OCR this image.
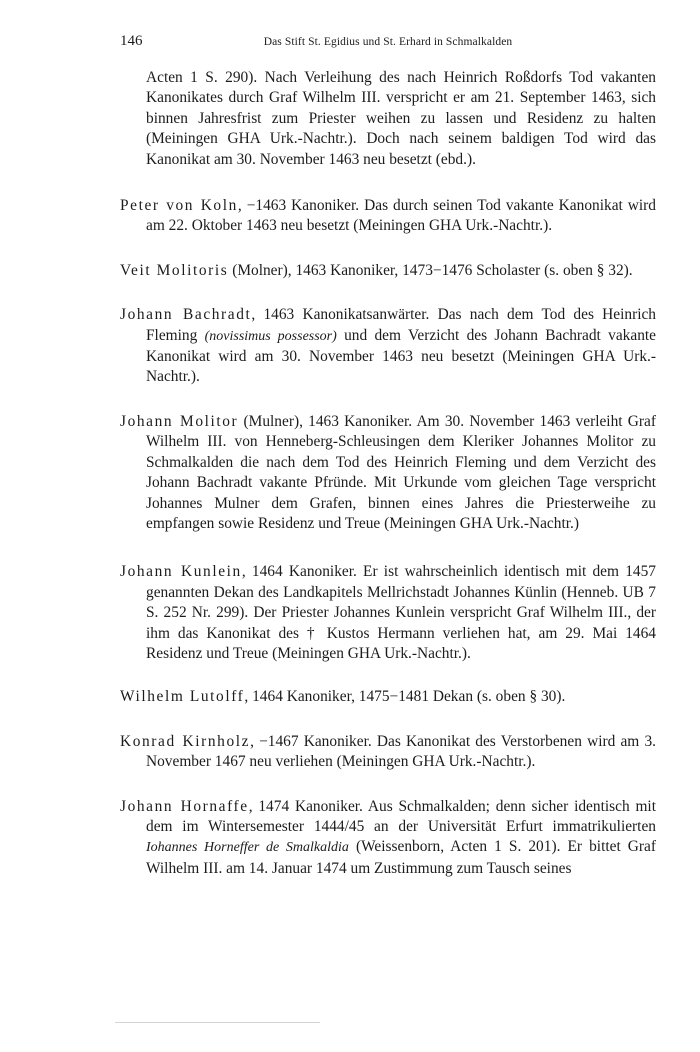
146	Das Stift St. Egidius und St. Erhard in Schmalkalden

Acten 1 S. 290). Nach Verleihung des nach Heinrich Roßdorfs Tod vakanten Kanonikates durch Graf Wilhelm III. verspricht er am 21. September 1463, sich binnen Jahresfrist zum Priester weihen zu lassen und Residenz zu halten (Meiningen GHA Urk.-Nachtr.). Doch nach seinem baldigen Tod wird das Kanonikat am 30. November 1463 neu besetzt (ebd.).

Peter von Koln, −1463 Kanoniker. Das durch seinen Tod vakante Kanonikat wird am 22. Oktober 1463 neu besetzt (Meiningen GHA Urk.-Nachtr.).

Veit Molitoris (Molner), 1463 Kanoniker, 1473−1476 Scholaster (s. oben § 32).

Johann Bachradt, 1463 Kanonikatsanwärter. Das nach dem Tod des Heinrich Fleming (novissimus possessor) und dem Verzicht des Johann Bachradt vakante Kanonikat wird am 30. November 1463 neu besetzt (Meiningen GHA Urk.-Nachtr.).

Johann Molitor (Mulner), 1463 Kanoniker. Am 30. November 1463 verleiht Graf Wilhelm III. von Henneberg-Schleusingen dem Kleriker Johannes Molitor zu Schmalkalden die nach dem Tod des Heinrich Fleming und dem Verzicht des Johann Bachradt vakante Pfründe. Mit Urkunde vom gleichen Tage verspricht Johannes Mulner dem Grafen, binnen eines Jahres die Priesterweihe zu empfangen sowie Residenz und Treue (Meiningen GHA Urk.-Nachtr.)

Johann Kunlein, 1464 Kanoniker. Er ist wahrscheinlich identisch mit dem 1457 genannten Dekan des Landkapitels Mellrichstadt Johannes Künlin (Henneb. UB 7 S. 252 Nr. 299). Der Priester Johannes Kunlein verspricht Graf Wilhelm III., der ihm das Kanonikat des † Kustos Hermann verliehen hat, am 29. Mai 1464 Residenz und Treue (Meiningen GHA Urk.-Nachtr.).

Wilhelm Lutolff, 1464 Kanoniker, 1475−1481 Dekan (s. oben § 30).

Konrad Kirnholz, −1467 Kanoniker. Das Kanonikat des Verstorbenen wird am 3. November 1467 neu verliehen (Meiningen GHA Urk.-Nachtr.).

Johann Hornaffe, 1474 Kanoniker. Aus Schmalkalden; denn sicher identisch mit dem im Wintersemester 1444/45 an der Universität Erfurt immatrikulierten Iohannes Horneffer de Smalkaldia (Weissenborn, Acten 1 S. 201). Er bittet Graf Wilhelm III. am 14. Januar 1474 um Zustimmung zum Tausch seines
